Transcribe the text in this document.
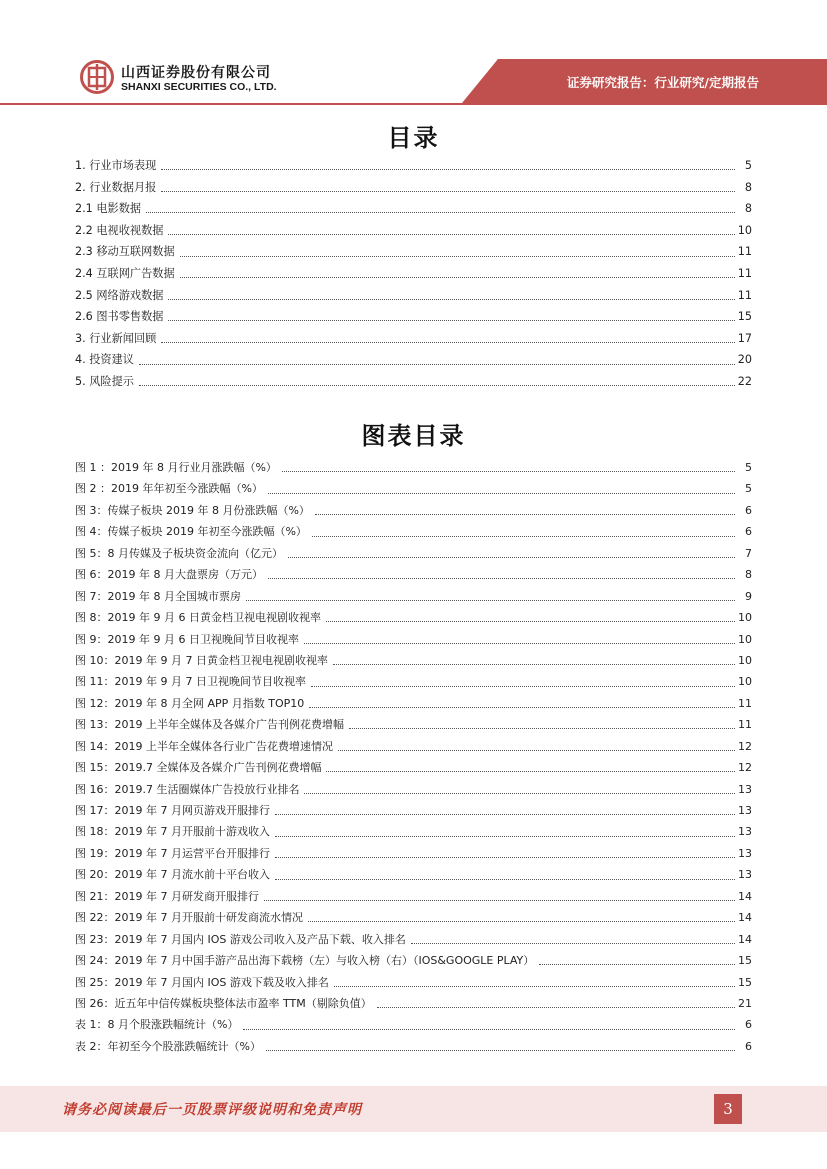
山西证券股份有限公司
SHANXI SECURITIES CO., LTD.	证券研究报告：行业研究/定期报告
目录
1. 行业市场表现	5
2. 行业数据月报	8
2.1 电影数据	8
2.2 电视收视数据	10
2.3 移动互联网数据	11
2.4 互联网广告数据	11
2.5 网络游戏数据	11
2.6 图书零售数据	15
3. 行业新闻回顾	17
4. 投资建议	20
5. 风险提示	22
图表目录
图 1 ：2019 年 8 月行业月涨跌幅（%）	5
图 2 ：2019 年年初至今涨跌幅（%）	5
图 3：传媒子板块 2019 年 8 月份涨跌幅（%）	6
图 4：传媒子板块 2019 年初至今涨跌幅（%）	6
图 5：8 月传媒及子板块资金流向（亿元）	7
图 6：2019 年 8 月大盘票房（万元）	8
图 7：2019 年 8 月全国城市票房	9
图 8：2019 年 9 月 6 日黄金档卫视电视剧收视率	10
图 9：2019 年 9 月 6 日卫视晚间节目收视率	10
图 10：2019 年 9 月 7 日黄金档卫视电视剧收视率	10
图 11：2019 年 9 月 7 日卫视晚间节目收视率	10
图 12：2019 年 8 月全网 APP 月指数 TOP10	11
图 13：2019 上半年全媒体及各媒介广告刊例花费增幅	11
图 14：2019 上半年全媒体各行业广告花费增速情况	12
图 15：2019.7 全媒体及各媒介广告刊例花费增幅	12
图 16：2019.7 生活圈媒体广告投放行业排名	13
图 17：2019 年 7 月网页游戏开服排行	13
图 18：2019 年 7 月开服前十游戏收入	13
图 19：2019 年 7 月运营平台开服排行	13
图 20：2019 年 7 月流水前十平台收入	13
图 21：2019 年 7 月研发商开服排行	14
图 22：2019 年 7 月开服前十研发商流水情况	14
图 23：2019 年 7 月国内 IOS 游戏公司收入及产品下载、收入排名	14
图 24：2019 年 7 月中国手游产品出海下载榜（左）与收入榜（右）（IOS&GOOGLE PLAY）	15
图 25：2019 年 7 月国内 IOS 游戏下载及收入排名	15
图 26：近五年中信传媒板块整体法市盈率 TTM（剔除负值）	21
表 1：8 月个股涨跌幅统计（%）	6
表 2：年初至今个股涨跌幅统计（%）	6
请务必阅读最后一页股票评级说明和免责声明	3
